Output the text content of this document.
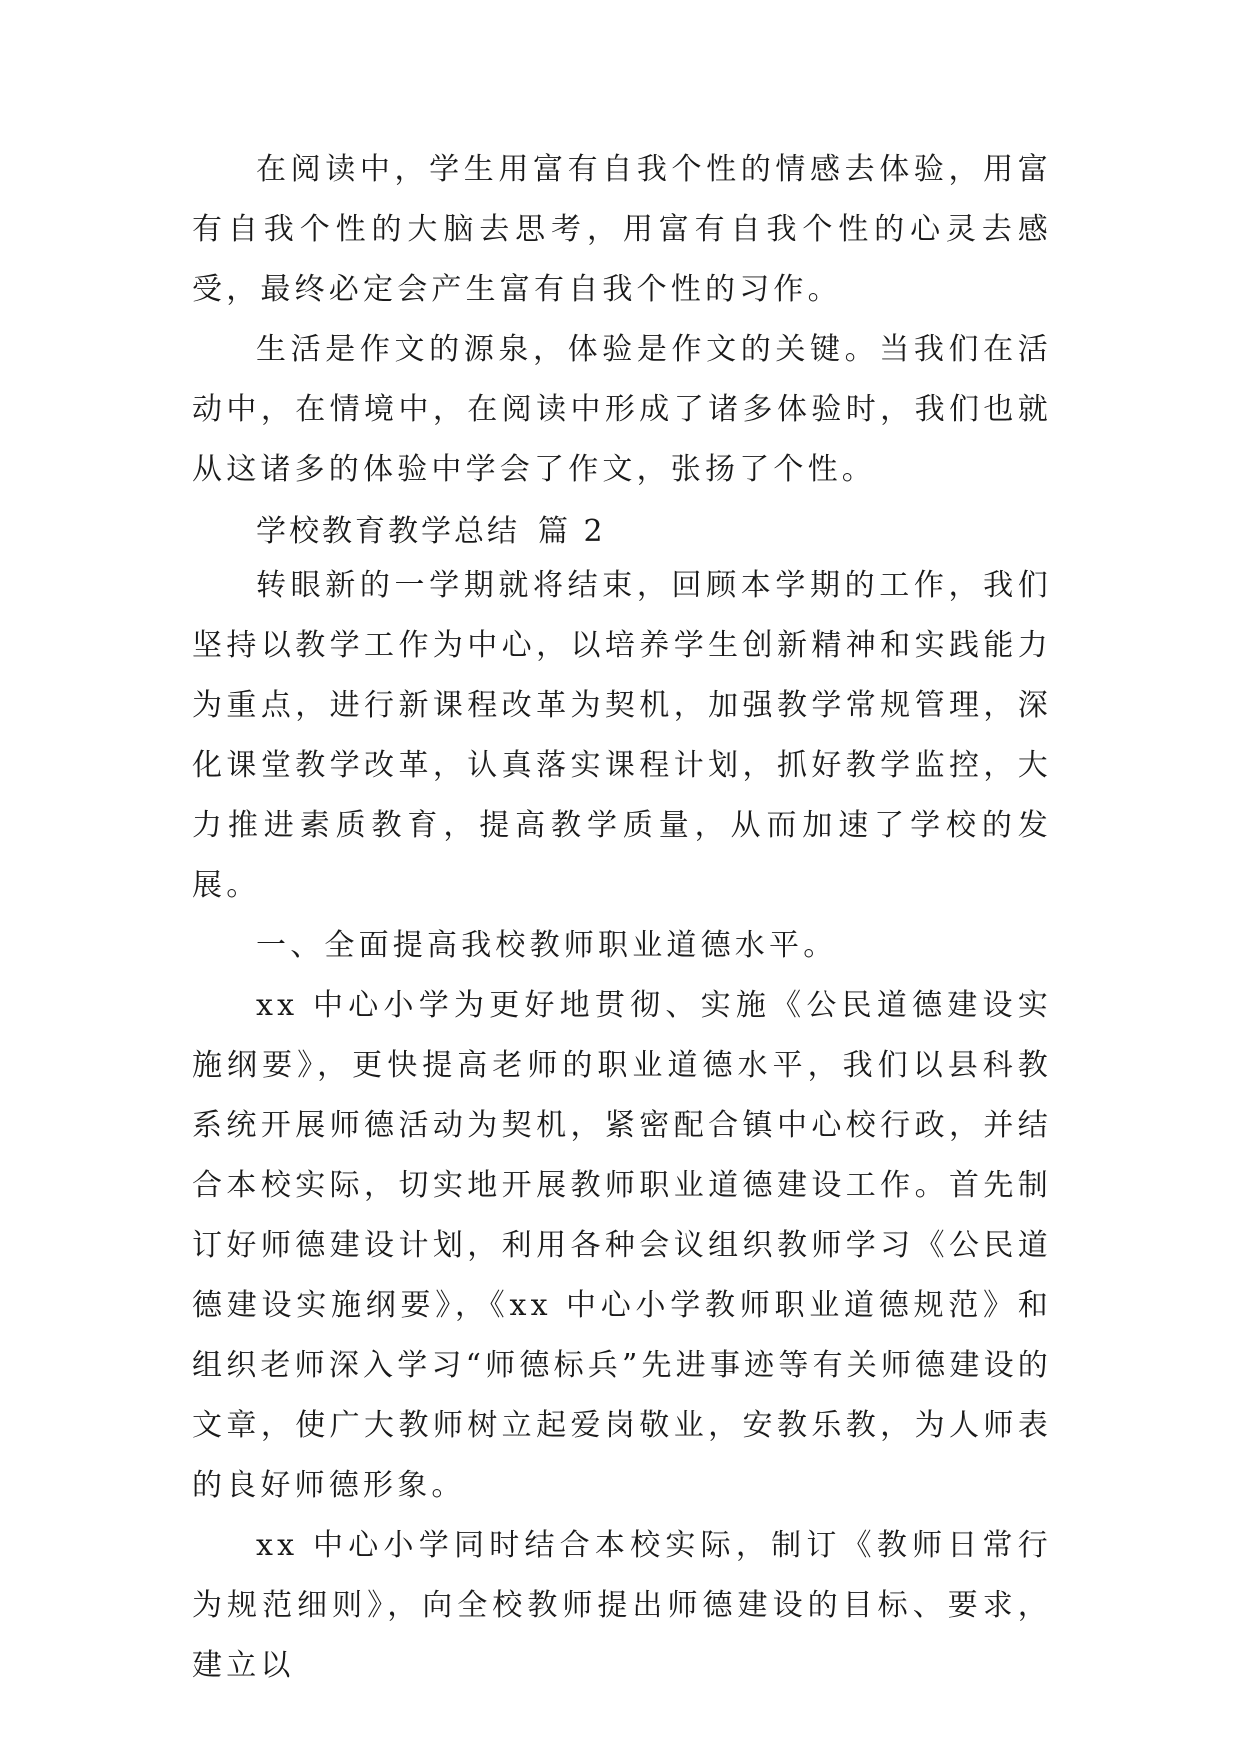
在阅读中，学生用富有自我个性的情感去体验，用富有自我个性的大脑去思考，用富有自我个性的心灵去感受，最终必定会产生富有自我个性的习作。

生活是作文的源泉，体验是作文的关键。当我们在活动中，在情境中，在阅读中形成了诸多体验时，我们也就从这诸多的体验中学会了作文，张扬了个性。

学校教育教学总结 篇 2

转眼新的一学期就将结束，回顾本学期的工作，我们坚持以教学工作为中心，以培养学生创新精神和实践能力为重点，进行新课程改革为契机，加强教学常规管理，深化课堂教学改革，认真落实课程计划，抓好教学监控，大力推进素质教育，提高教学质量，从而加速了学校的发展。

一、全面提高我校教师职业道德水平。

xx 中心小学为更好地贯彻、实施《公民道德建设实施纲要》，更快提高老师的职业道德水平，我们以县科教系统开展师德活动为契机，紧密配合镇中心校行政，并结合本校实际，切实地开展教师职业道德建设工作。首先制订好师德建设计划，利用各种会议组织教师学习《公民道德建设实施纲要》，《xx 中心小学教师职业道德规范》和组织老师深入学习“师德标兵”先进事迹等有关师德建设的文章，使广大教师树立起爱岗敬业，安教乐教，为人师表的良好师德形象。

xx 中心小学同时结合本校实际，制订《教师日常行为规范细则》，向全校教师提出师德建设的目标、要求，建立以
